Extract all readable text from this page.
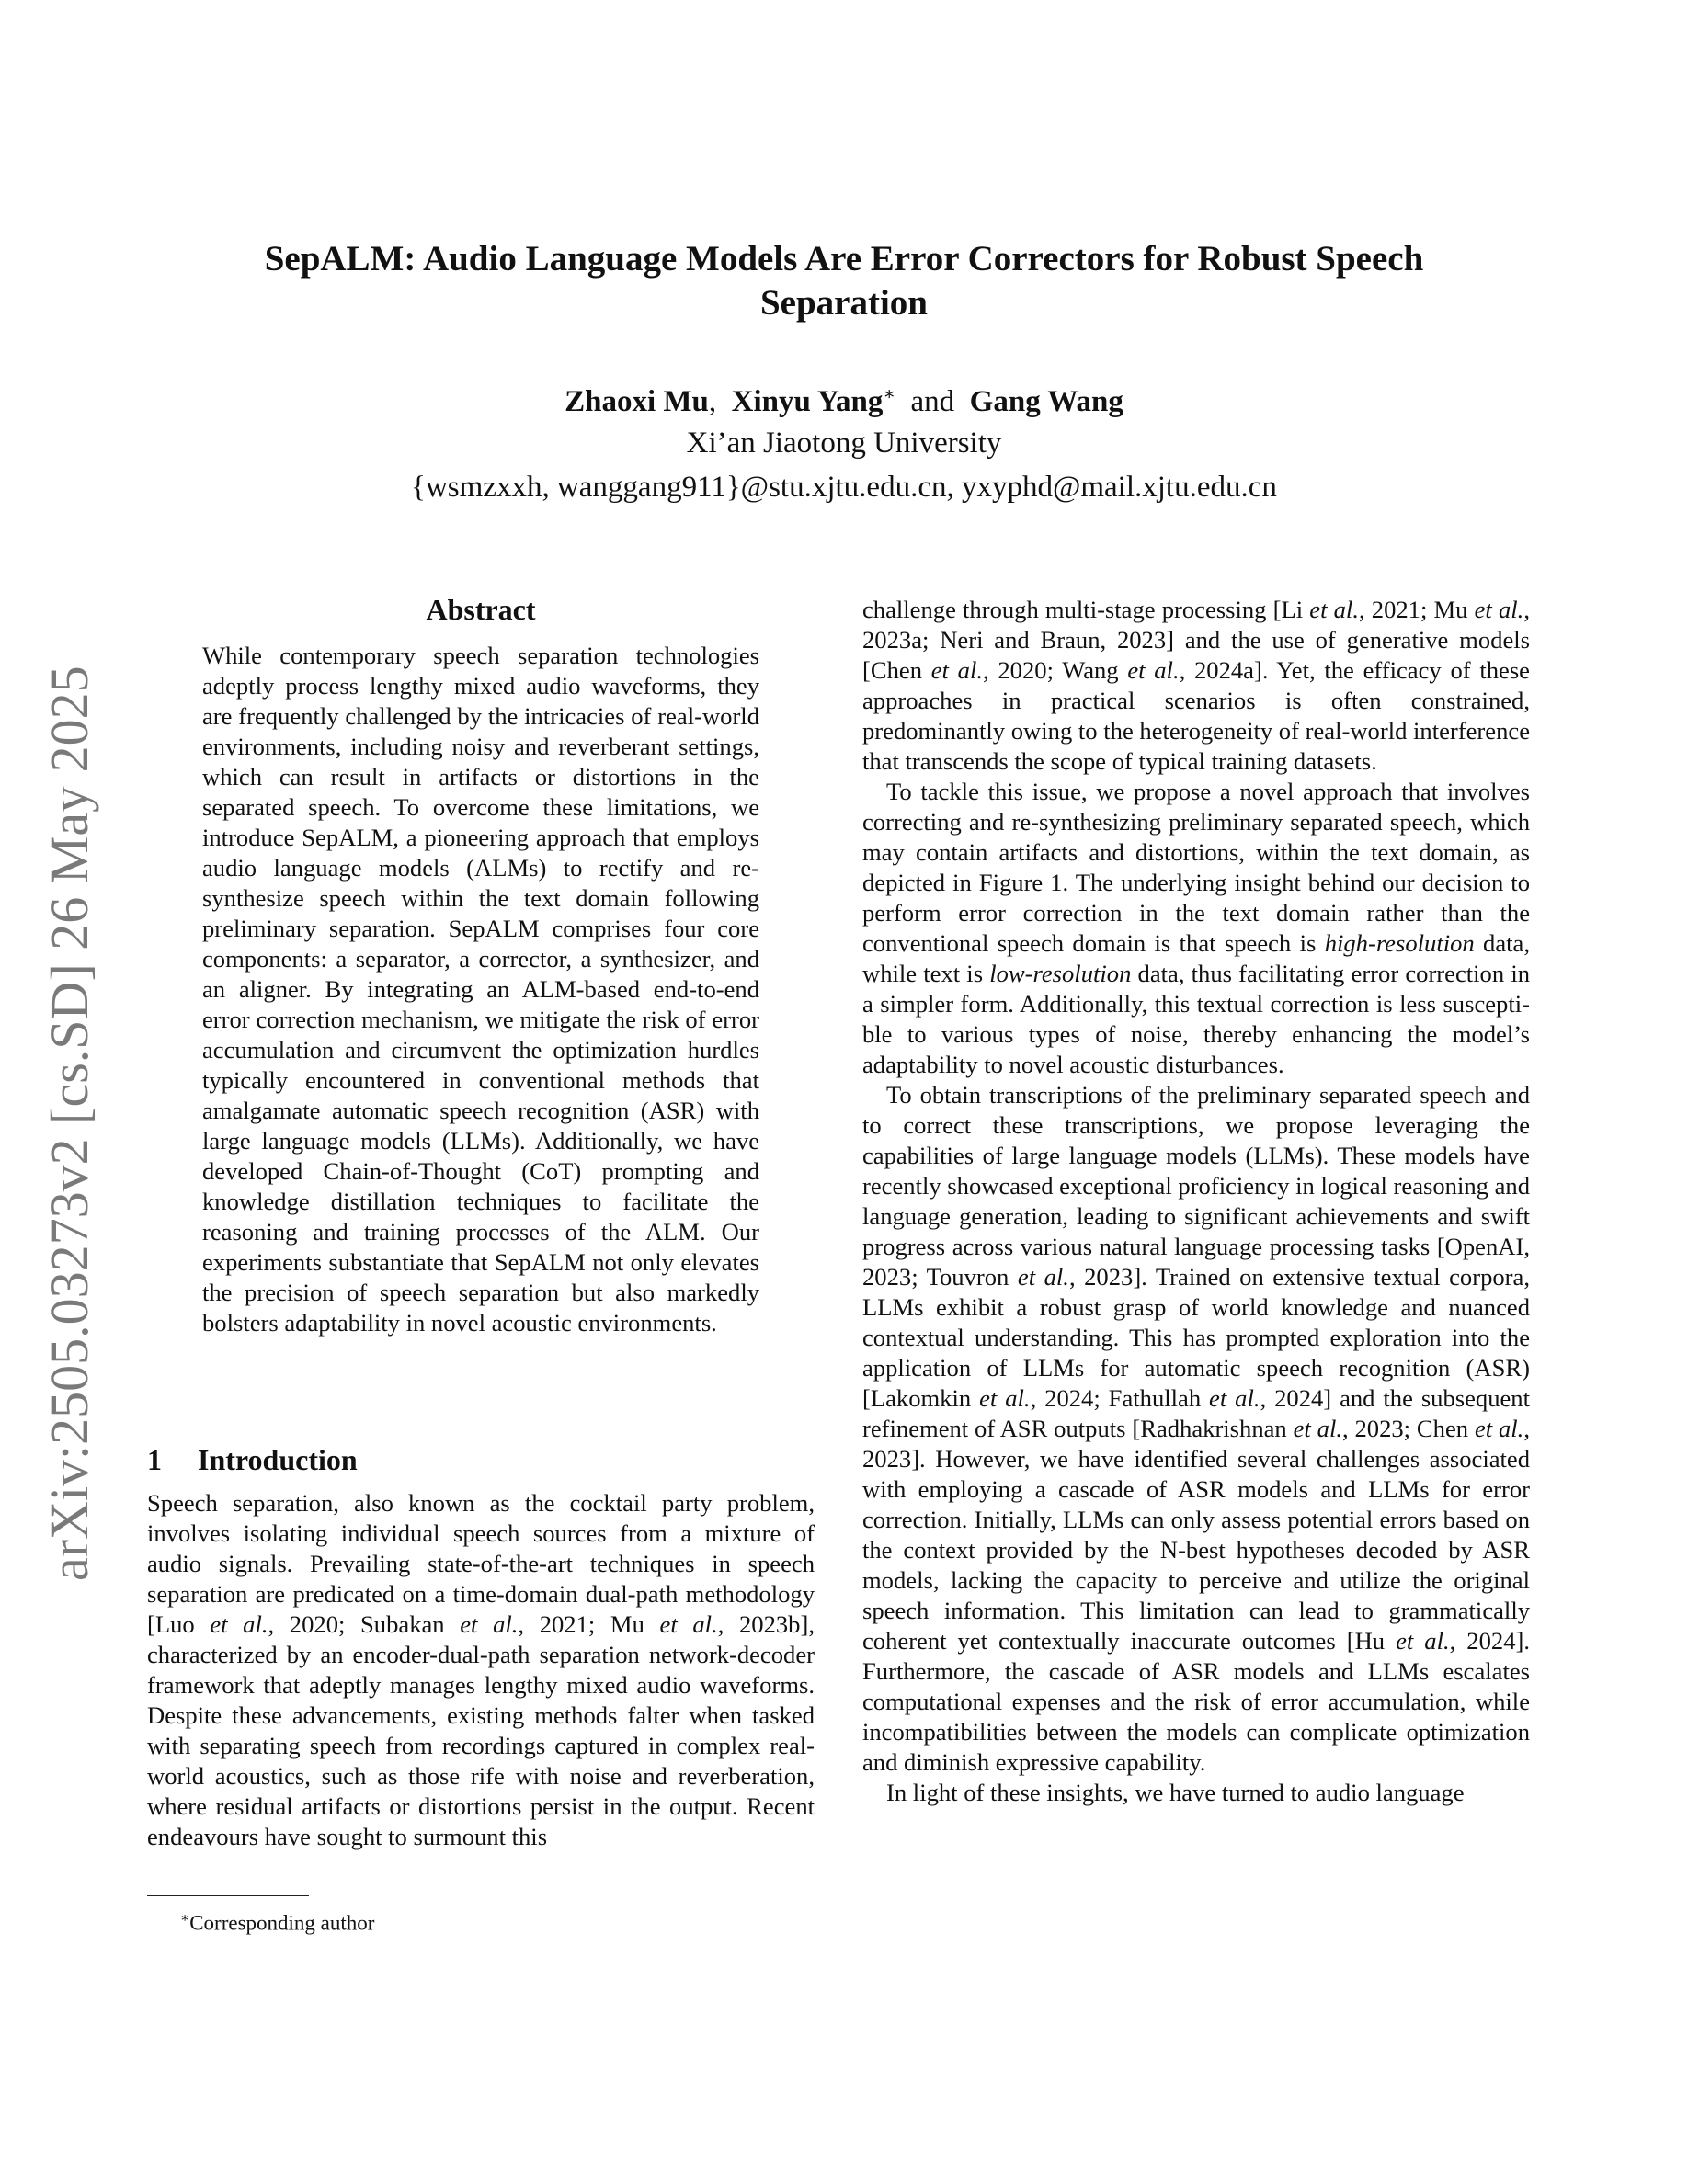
arXiv:2505.03273v2 [cs.SD] 26 May 2025
SepALM: Audio Language Models Are Error Correctors for Robust Speech
Separation
Zhaoxi Mu,  Xinyu Yang∗ and Gang Wang
Xi’an Jiaotong University
{wsmzxxh, wanggang911}@stu.xjtu.edu.cn, yxyphd@mail.xjtu.edu.cn
Abstract

While contemporary speech separation technologies adeptly process lengthy mixed audio waveforms, they are frequently challenged by the intricacies of real-world environments, including noisy and reverberant settings, which can result in artifacts or distortions in the separated speech. To overcome these limitations, we introduce SepALM, a pioneering approach that employs audio language models (ALMs) to rectify and re-synthesize speech within the text domain following preliminary separation. SepALM comprises four core components: a separator, a corrector, a synthesizer, and an aligner. By integrating an ALM-based end-to-end error correction mechanism, we mitigate the risk of error accumulation and circumvent the optimization hurdles typically encountered in conventional methods that amalgamate automatic speech recognition (ASR) with large language models (LLMs). Additionally, we have developed Chain-of-Thought (CoT) prompting and knowledge distillation techniques to facilitate the reasoning and training processes of the ALM. Our experiments substantiate that SepALM not only elevates the precision of speech separation but also markedly bolsters adaptability in novel acoustic environments.

1 Introduction

Speech separation, also known as the cocktail party problem, involves isolating individual speech sources from a mixture of audio signals. Prevailing state-of-the-art techniques in speech separation are predicated on a time-domain dual-path methodology [Luo et al., 2020; Subakan et al., 2021; Mu et al., 2023b], characterized by an encoder-dual-path separation network-decoder framework that adeptly manages lengthy mixed audio waveforms. Despite these advancements, existing methods falter when tasked with separating speech from recordings captured in complex real-world acoustics, such as those rife with noise and reverberation, where residual artifacts or distortions persist in the output. Recent endeavours have sought to surmount this

challenge through multi-stage processing [Li et al., 2021; Mu et al., 2023a; Neri and Braun, 2023] and the use of generative models [Chen et al., 2020; Wang et al., 2024a]. Yet, the efficacy of these approaches in practical scenarios is often constrained, predominantly owing to the heterogeneity of real-world interference that transcends the scope of typical training datasets.

To tackle this issue, we propose a novel approach that involves correcting and re-synthesizing preliminary separated speech, which may contain artifacts and distortions, within the text domain, as depicted in Figure 1. The underlying insight behind our decision to perform error correction in the text domain rather than the conventional speech domain is that speech is high-resolution data, while text is low-resolution data, thus facilitating error correction in a simpler form. Additionally, this textual correction is less susceptible to various types of noise, thereby enhancing the model’s adaptability to novel acoustic disturbances.

To obtain transcriptions of the preliminary separated speech and to correct these transcriptions, we propose leveraging the capabilities of large language models (LLMs). These models have recently showcased exceptional proficiency in logical reasoning and language generation, leading to significant achievements and swift progress across various natural language processing tasks [OpenAI, 2023; Touvron et al., 2023]. Trained on extensive textual corpora, LLMs exhibit a robust grasp of world knowledge and nuanced contextual understanding. This has prompted exploration into the application of LLMs for automatic speech recognition (ASR) [Lakomkin et al., 2024; Fathullah et al., 2024] and the subsequent refinement of ASR outputs [Radhakrishnan et al., 2023; Chen et al., 2023]. However, we have identified several challenges associated with employing a cascade of ASR models and LLMs for error correction. Initially, LLMs can only assess potential errors based on the context provided by the N-best hypotheses decoded by ASR models, lacking the capacity to perceive and utilize the original speech information. This limitation can lead to grammatically coherent yet contextually inaccurate outcomes [Hu et al., 2024]. Furthermore, the cascade of ASR models and LLMs escalates computational expenses and the risk of error accumulation, while incompatibilities between the models can complicate optimization and diminish expressive capability.

In light of these insights, we have turned to audio language

∗Corresponding author
